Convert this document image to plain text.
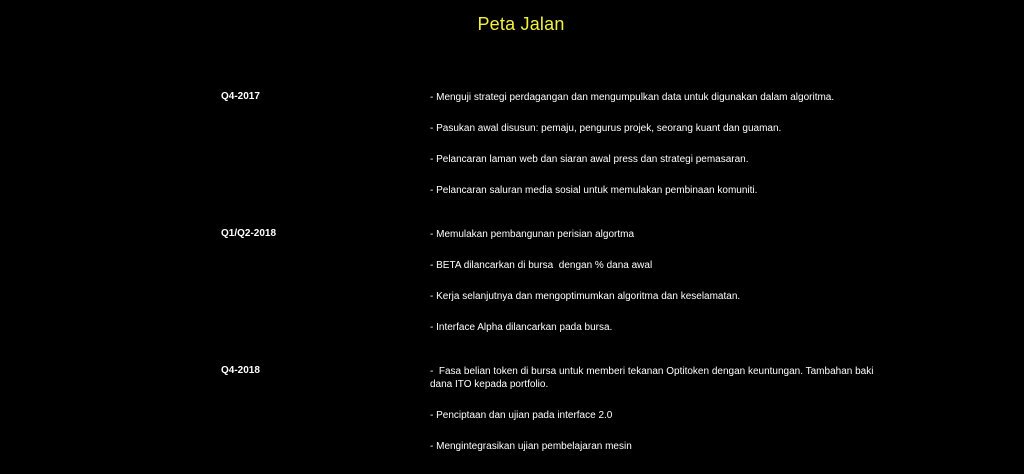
Peta Jalan
Q4-2017	- Menguji strategi perdagangan dan mengumpulkan data untuk digunakan dalam algoritma.
- Pasukan awal disusun: pemaju, pengurus projek, seorang kuant dan guaman.
- Pelancaran laman web dan siaran awal press dan strategi pemasaran.
- Pelancaran saluran media sosial untuk memulakan pembinaan komuniti.
Q1/Q2-2018	- Memulakan pembangunan perisian algortma
- BETA dilancarkan di bursa  dengan % dana awal
- Kerja selanjutnya dan mengoptimumkan algoritma dan keselamatan.
- Interface Alpha dilancarkan pada bursa.
Q4-2018	-  Fasa belian token di bursa untuk memberi tekanan Optitoken dengan keuntungan. Tambahan baki dana ITO kepada portfolio.
- Penciptaan dan ujian pada interface 2.0
- Mengintegrasikan ujian pembelajaran mesin
